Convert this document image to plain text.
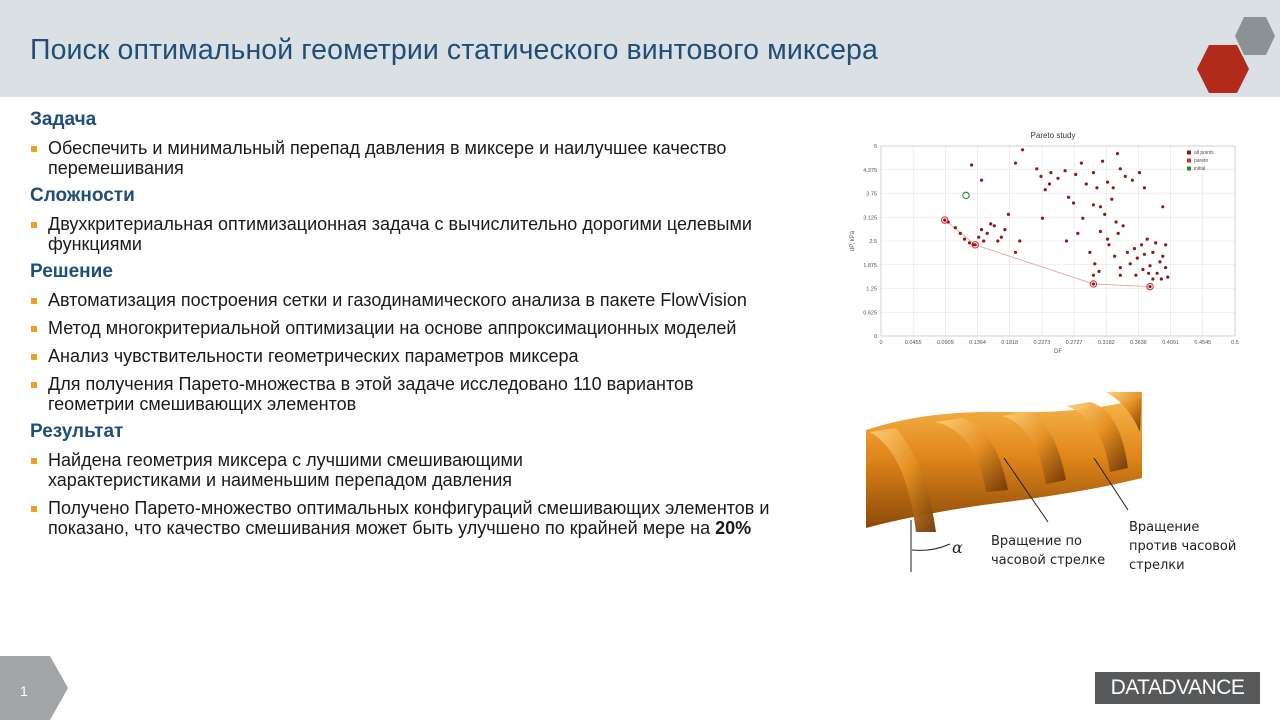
Поиск оптимальной геометрии статического винтового миксера
Задача
Обеспечить и минимальный перепад давления в миксере и наилучшее качество перемешивания
Сложности
Двухкритериальная оптимизационная задача с вычислительно дорогими целевыми функциями
Решение
Автоматизация построения сетки и газодинамического анализа в пакете FlowVision
Метод многокритериальной оптимизации на основе аппроксимационных моделей
Анализ чувствительности геометрических параметров миксера
Для получения Парето-множества в этой задаче исследовано 110 вариантов геометрии смешивающих элементов
Результат
Найдена геометрия миксера с лучшими смешивающими характеристиками и наименьшим перепадом давления
Получено Парето-множество оптимальных конфигураций смешивающих элементов и показано, что качество смешивания может быть улучшено по крайней мере на 20%
Pareto study
0
0.625
1.25
1.875
2.5
3.125
3.75
4.375
5
0	0.0455	0.0909	0.1364	0.1818	0.2273	0.2727	0.3182	0.3636	0.4091	0.4545	0.5
dP, kPa
DF
all points
pareto
initial
α Вращение по
часовой стрелке
Вращение
против часовой
стрелки
1	DATADVANCE
